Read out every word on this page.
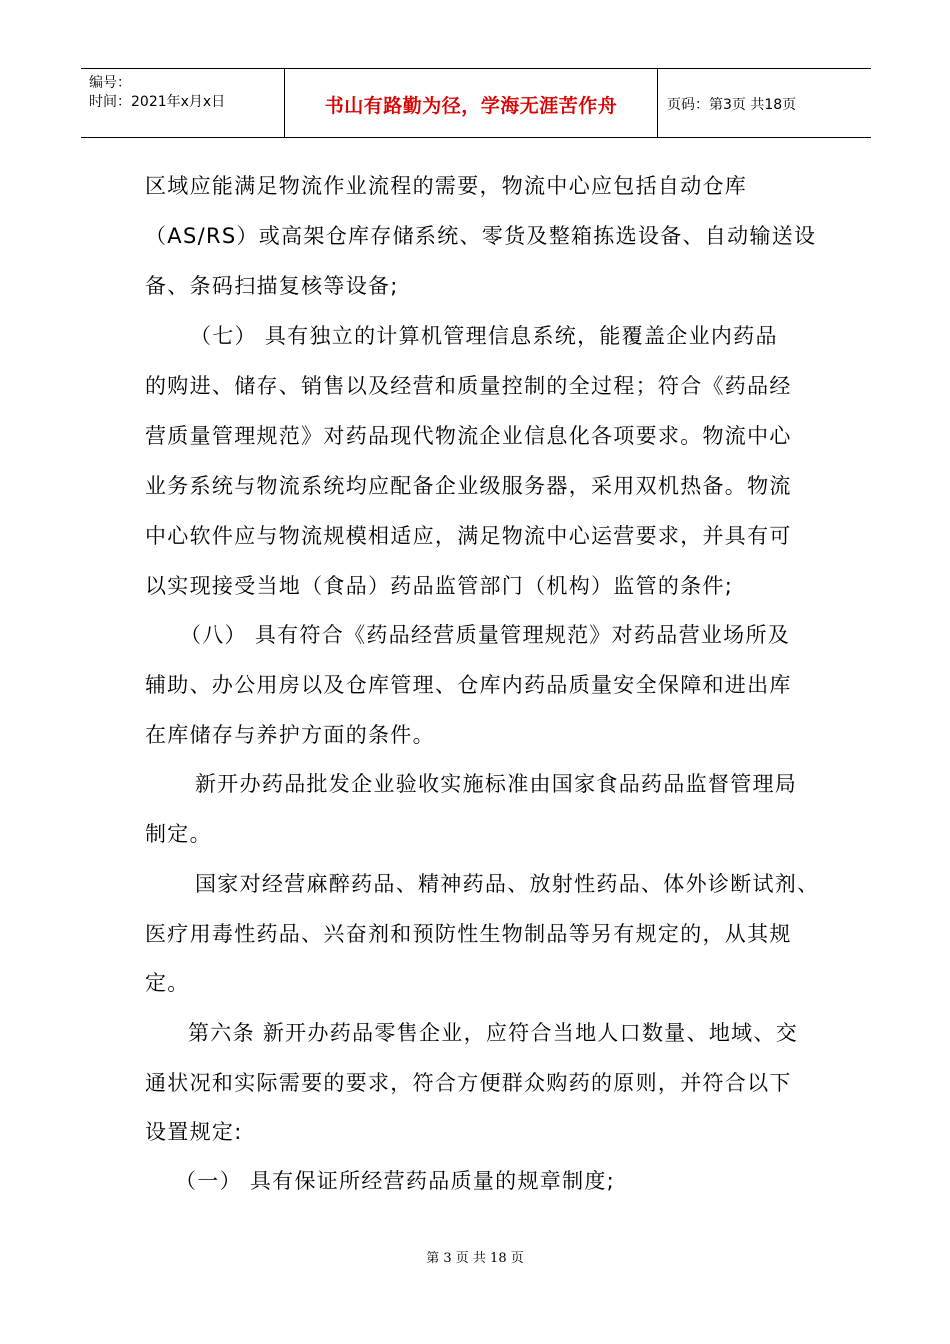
编号：
时间：2021年x月x日	书山有路勤为径，学海无涯苦作舟	页码：第3页 共18页
区域应能满足物流作业流程的需要，物流中心应包括自动仓库
（AS/RS）或高架仓库存储系统、零货及整箱拣选设备、自动输送设
备、条码扫描复核等设备;
（七） 具有独立的计算机管理信息系统，能覆盖企业内药品
的购进、储存、销售以及经营和质量控制的全过程；符合《药品经
营质量管理规范》对药品现代物流企业信息化各项要求。物流中心
业务系统与物流系统均应配备企业级服务器，采用双机热备。物流
中心软件应与物流规模相适应，满足物流中心运营要求，并具有可
以实现接受当地（食品）药品监管部门（机构）监管的条件;
（八） 具有符合《药品经营质量管理规范》对药品营业场所及
辅助、办公用房以及仓库管理、仓库内药品质量安全保障和进出库
在库储存与养护方面的条件。
新开办药品批发企业验收实施标准由国家食品药品监督管理局
制定。
国家对经营麻醉药品、精神药品、放射性药品、体外诊断试剂、
医疗用毒性药品、兴奋剂和预防性生物制品等另有规定的，从其规
定。
第六条 新开办药品零售企业，应符合当地人口数量、地域、交
通状况和实际需要的要求，符合方便群众购药的原则，并符合以下
设置规定:
（一） 具有保证所经营药品质量的规章制度;
第 3 页 共 18 页
